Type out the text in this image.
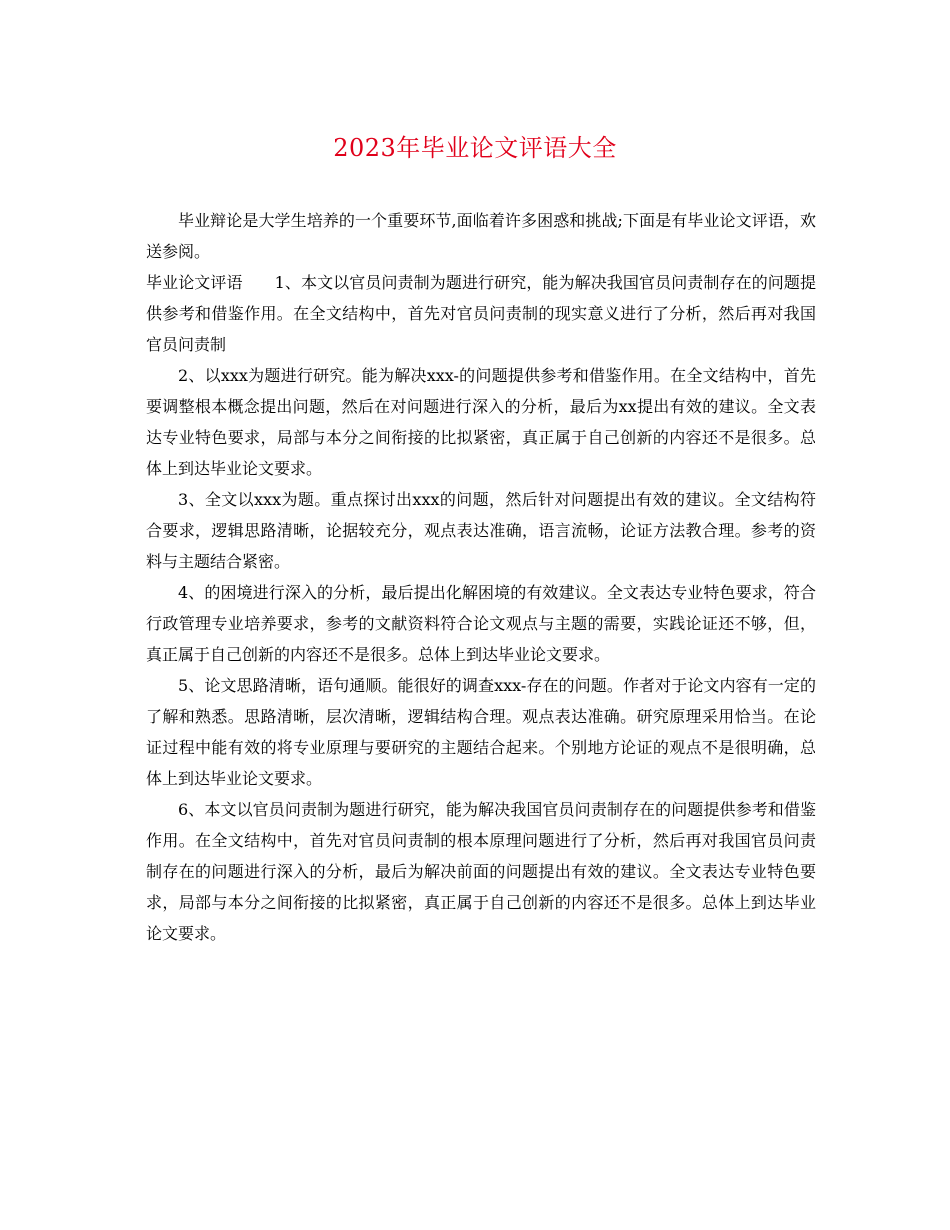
2023年毕业论文评语大全

毕业辩论是大学生培养的一个重要环节,面临着许多困惑和挑战;下面是有毕业论文评语，欢送参阅。

毕业论文评语 1、本文以官员问责制为题进行研究，能为解决我国官员问责制存在的问题提供参考和借鉴作用。在全文结构中，首先对官员问责制的现实意义进行了分析，然后再对我国官员问责制

2、以xxx为题进行研究。能为解决xxx-的问题提供参考和借鉴作用。在全文结构中，首先要调整根本概念提出问题，然后在对问题进行深入的分析，最后为xx提出有效的建议。全文表达专业特色要求，局部与本分之间衔接的比拟紧密，真正属于自己创新的内容还不是很多。总体上到达毕业论文要求。

3、全文以xxx为题。重点探讨出xxx的问题，然后针对问题提出有效的建议。全文结构符合要求，逻辑思路清晰，论据较充分，观点表达准确，语言流畅，论证方法教合理。参考的资料与主题结合紧密。

4、的困境进行深入的分析，最后提出化解困境的有效建议。全文表达专业特色要求，符合行政管理专业培养要求，参考的文献资料符合论文观点与主题的需要，实践论证还不够，但，真正属于自己创新的内容还不是很多。总体上到达毕业论文要求。

5、论文思路清晰，语句通顺。能很好的调查xxx-存在的问题。作者对于论文内容有一定的了解和熟悉。思路清晰，层次清晰，逻辑结构合理。观点表达准确。研究原理采用恰当。在论证过程中能有效的将专业原理与要研究的主题结合起来。个别地方论证的观点不是很明确，总体上到达毕业论文要求。

6、本文以官员问责制为题进行研究，能为解决我国官员问责制存在的问题提供参考和借鉴作用。在全文结构中，首先对官员问责制的根本原理问题进行了分析，然后再对我国官员问责制存在的问题进行深入的分析，最后为解决前面的问题提出有效的建议。全文表达专业特色要求，局部与本分之间衔接的比拟紧密，真正属于自己创新的内容还不是很多。总体上到达毕业论文要求。
